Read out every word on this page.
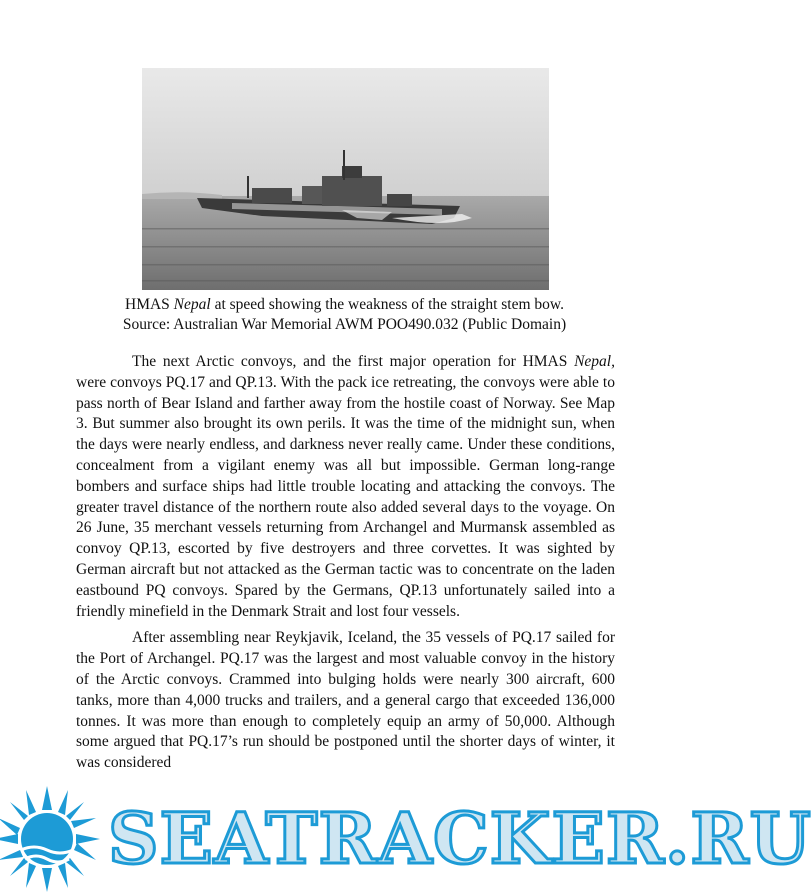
HMAS Nepal at speed showing the weakness of the straight stem bow.

Source: Australian War Memorial AWM POO490.032 (Public Domain)

The next Arctic convoys, and the first major operation for HMAS Nepal, were convoys PQ.17 and QP.13. With the pack ice retreating, the convoys were able to pass north of Bear Island and farther away from the hostile coast of Norway. See Map 3. But summer also brought its own perils. It was the time of the midnight sun, when the days were nearly endless, and darkness never really came. Under these conditions, concealment from a vigilant enemy was all but impossible. German long-range bombers and surface ships had little trouble locating and attacking the convoys. The greater travel distance of the northern route also added several days to the voyage. On 26 June, 35 merchant vessels returning from Archangel and Murmansk assembled as convoy QP.13, escorted by five destroyers and three corvettes. It was sighted by German aircraft but not attacked as the German tactic was to concentrate on the laden eastbound PQ convoys. Spared by the Germans, QP.13 unfortunately sailed into a friendly minefield in the Denmark Strait and lost four vessels.

After assembling near Reykjavik, Iceland, the 35 vessels of PQ.17 sailed for the Port of Archangel. PQ.17 was the largest and most valuable convoy in the history of the Arctic convoys. Crammed into bulging holds were nearly 300 aircraft, 600 tanks, more than 4,000 trucks and trailers, and a general cargo that exceeded 136,000 tonnes. It was more than enough to completely equip an army of 50,000. Although some argued that PQ.17’s run should be postponed until the shorter days of winter, it was considered

SEATRACKER.RU
